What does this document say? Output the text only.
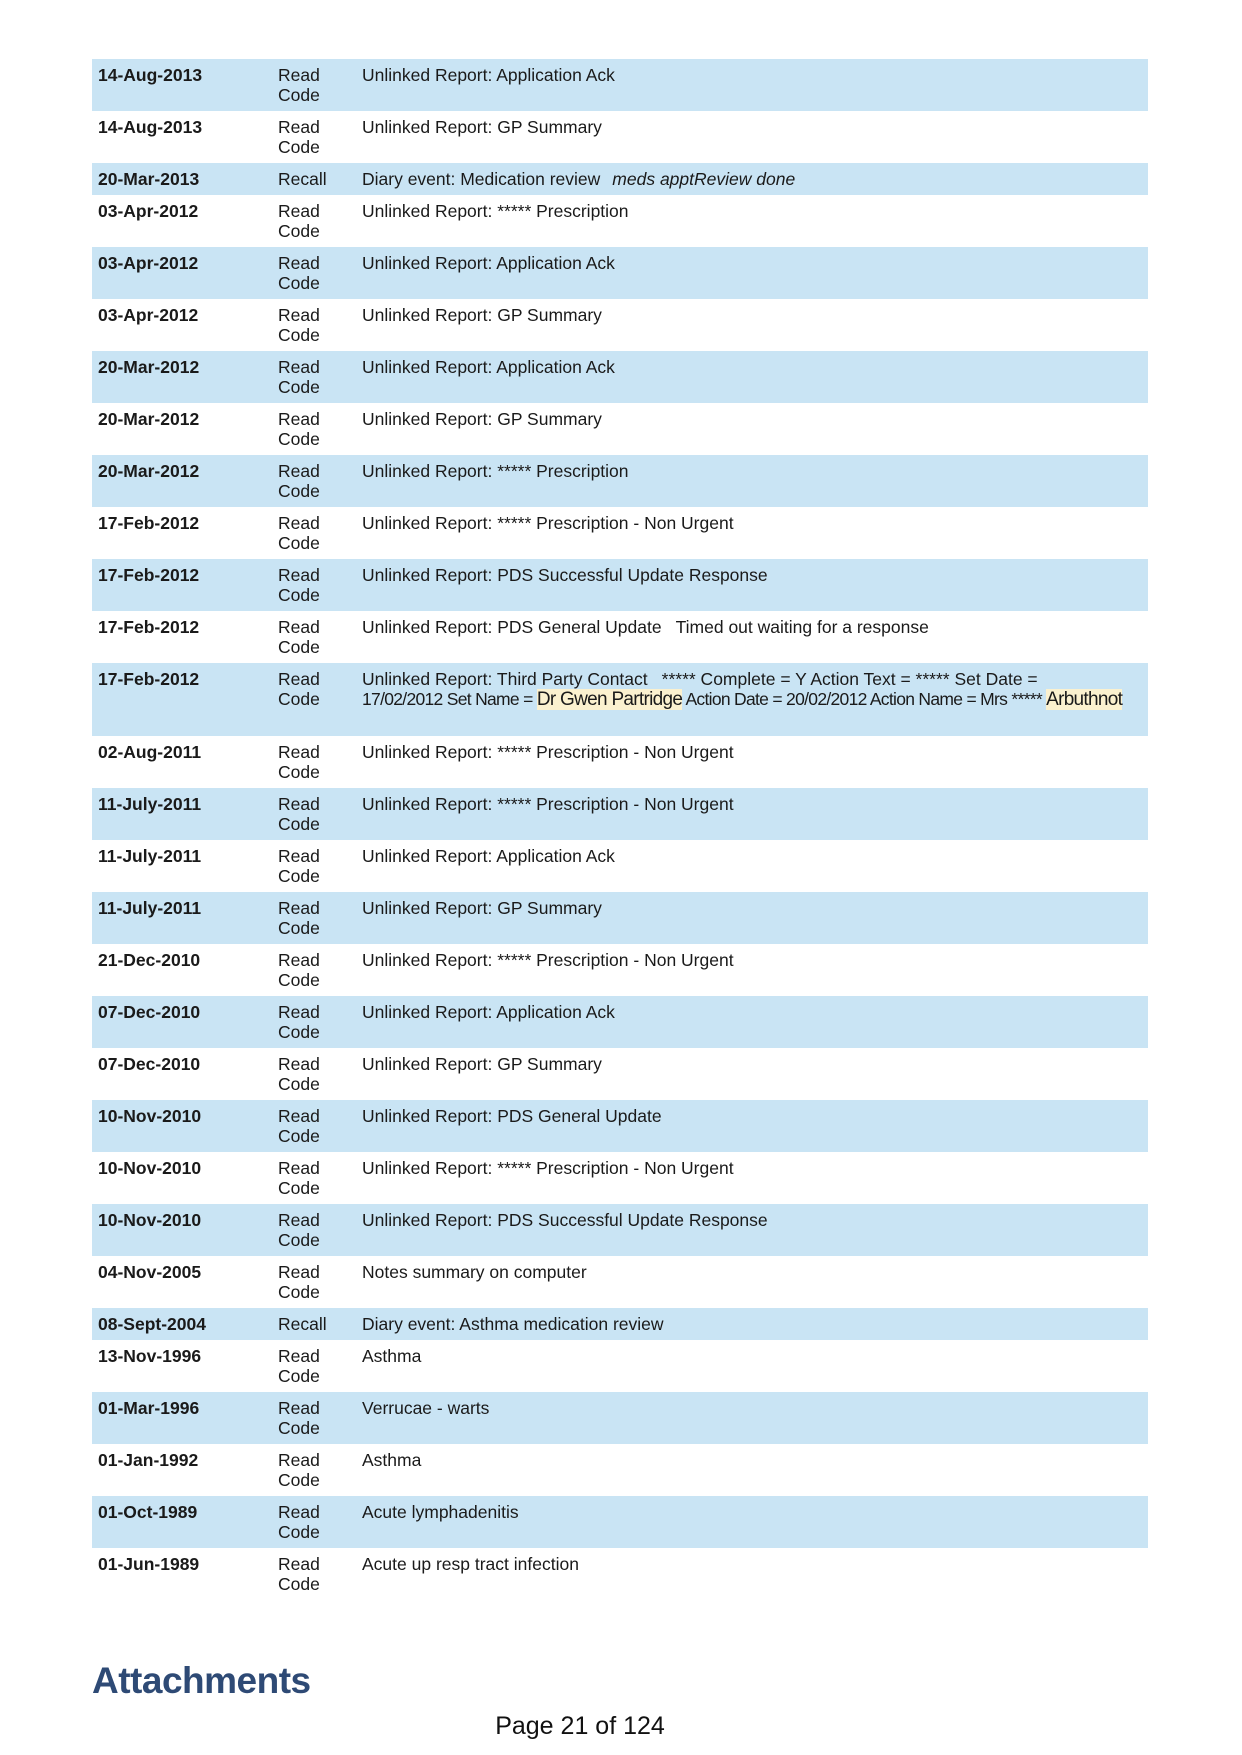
14-Aug-2013	Read Code	Unlinked Report: Application Ack
14-Aug-2013	Read Code	Unlinked Report: GP Summary
20-Mar-2013	Recall	Diary event: Medication review meds apptReview done
03-Apr-2012	Read Code	Unlinked Report: ***** Prescription
03-Apr-2012	Read Code	Unlinked Report: Application Ack
03-Apr-2012	Read Code	Unlinked Report: GP Summary
20-Mar-2012	Read Code	Unlinked Report: Application Ack
20-Mar-2012	Read Code	Unlinked Report: GP Summary
20-Mar-2012	Read Code	Unlinked Report: ***** Prescription
17-Feb-2012	Read Code	Unlinked Report: ***** Prescription - Non Urgent
17-Feb-2012	Read Code	Unlinked Report: PDS Successful Update Response
17-Feb-2012	Read Code	Unlinked Report: PDS General Update Timed out waiting for a response
17-Feb-2012	Read Code	Unlinked Report: Third Party Contact ***** Complete = Y Action Text = ***** Set Date =
17/02/2012 Set Name = Dr Gwen Partridge Action Date = 20/02/2012 Action Name = Mrs ***** Arbuthnot
02-Aug-2011	Read Code	Unlinked Report: ***** Prescription - Non Urgent
11-July-2011	Read Code	Unlinked Report: ***** Prescription - Non Urgent
11-July-2011	Read Code	Unlinked Report: Application Ack
11-July-2011	Read Code	Unlinked Report: GP Summary
21-Dec-2010	Read Code	Unlinked Report: ***** Prescription - Non Urgent
07-Dec-2010	Read Code	Unlinked Report: Application Ack
07-Dec-2010	Read Code	Unlinked Report: GP Summary
10-Nov-2010	Read Code	Unlinked Report: PDS General Update
10-Nov-2010	Read Code	Unlinked Report: ***** Prescription - Non Urgent
10-Nov-2010	Read Code	Unlinked Report: PDS Successful Update Response
04-Nov-2005	Read Code	Notes summary on computer
08-Sept-2004	Recall	Diary event: Asthma medication review
13-Nov-1996	Read Code	Asthma
01-Mar-1996	Read Code	Verrucae - warts
01-Jan-1992	Read Code	Asthma
01-Oct-1989	Read Code	Acute lymphadenitis
01-Jun-1989	Read Code	Acute up resp tract infection
Attachments
Page 21 of 124
